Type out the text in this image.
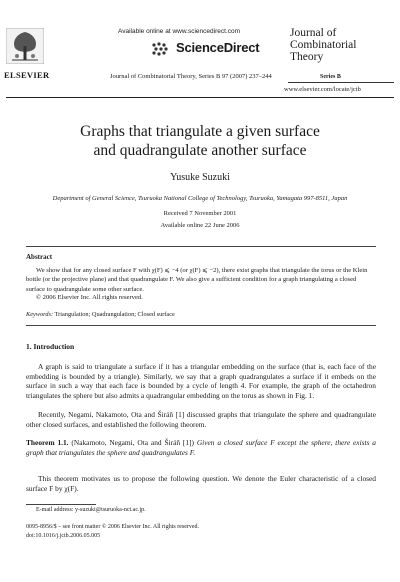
ELSEVIER
Available online at www.sciencedirect.com
ScienceDirect
Journal of Combinatorial Theory, Series B 97 (2007) 237–244
Journal of Combinatorial Theory
Series B
www.elsevier.com/locate/jctb
Graphs that triangulate a given surface
and quadrangulate another surface
Yusuke Suzuki
Department of General Science, Tsuruoka National College of Technology, Tsuruoka, Yamagata 997-8511, Japan
Received 7 November 2001
Available online 22 June 2006
Abstract
We show that for any closed surface F with χ(F) ⩽ −4 (or χ(F) ⩽ −2), there exist graphs that triangulate the torus or the Klein bottle (or the projective plane) and that quadrangulate F. We also give a sufficient condition for a graph triangulating a closed surface to quadrangulate some other surface.
© 2006 Elsevier Inc. All rights reserved.
Keywords: Triangulation; Quadrangulation; Closed surface
1. Introduction
A graph is said to triangulate a surface if it has a triangular embedding on the surface (that is, each face of the embedding is bounded by a triangle). Similarly, we say that a graph quadrangulates a surface if it embeds on the surface in such a way that each face is bounded by a cycle of length 4. For example, the graph of the octahedron triangulates the sphere but also admits a quadrangular embedding on the torus as shown in Fig. 1.
Recently, Negami, Nakamoto, Ota and Širáň [1] discussed graphs that triangulate the sphere and quadrangulate other closed surfaces, and established the following theorem.
Theorem 1.1. (Nakamoto, Negami, Ota and Širáň [1]) Given a closed surface F except the sphere, there exists a graph that triangulates the sphere and quadrangulates F.
This theorem motivates us to propose the following question. We denote the Euler characteristic of a closed surface F by χ(F).
E-mail address: y-suzuki@tsuruoka-nct.ac.jp.
0095-8956/$ – see front matter © 2006 Elsevier Inc. All rights reserved.
doi:10.1016/j.jctb.2006.05.005
